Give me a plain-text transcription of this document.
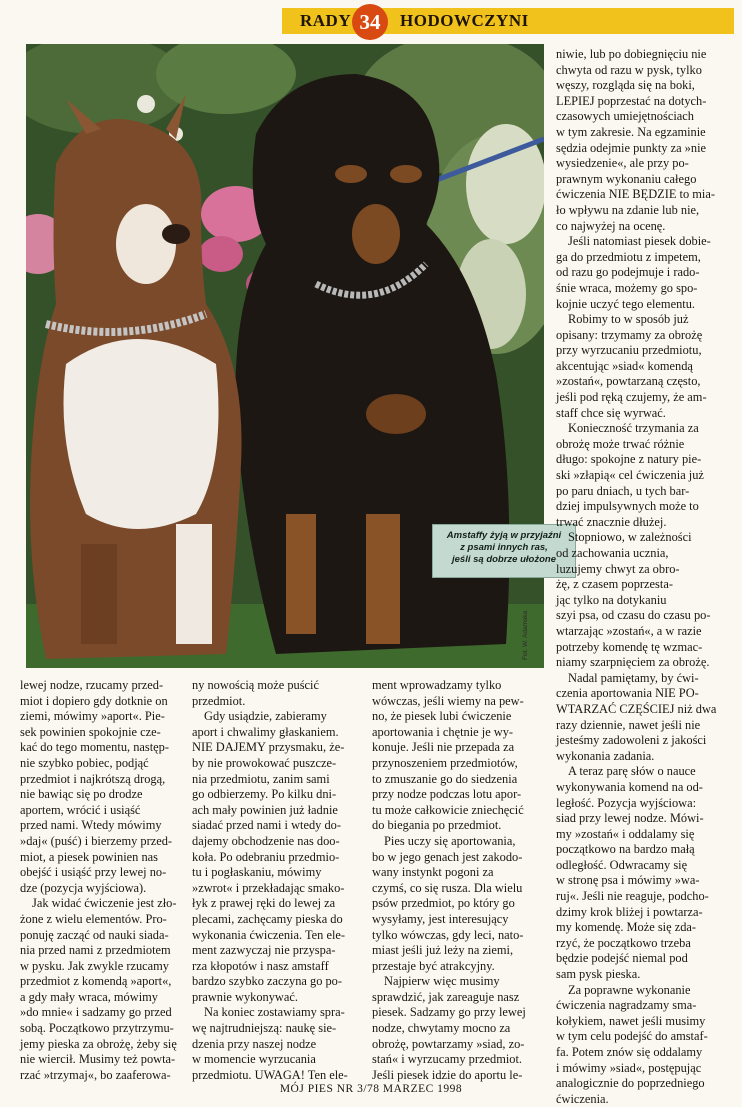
RADY	HODOWCZYNI
34
Amstaffy żyją w przyjaźni
z psami innych ras,
jeśli są dobrze ułożone
Fot. W. Adamska
niwie, lub po dobiegnięciu nie
chwyta od razu w pysk, tylko
węszy, rozgląda się na boki,
LEPIEJ poprzestać na dotych-
czasowych umiejętnościach
w tym zakresie. Na egzaminie
sędzia odejmie punkty za »nie
wysiedzenie«, ale przy po-
prawnym wykonaniu całego
ćwiczenia NIE BĘDZIE to mia-
ło wpływu na zdanie lub nie,
co najwyżej na ocenę.
Jeśli natomiast piesek dobie-
ga do przedmiotu z impetem,
od razu go podejmuje i rado-
śnie wraca, możemy go spo-
kojnie uczyć tego elementu.
Robimy to w sposób już
opisany: trzymamy za obrożę
przy wyrzucaniu przedmiotu,
akcentując »siad« komendą
»zostań«, powtarzaną często,
jeśli pod ręką czujemy, że am-
staff chce się wyrwać.
Konieczność trzymania za
obrożę może trwać różnie
długo: spokojne z natury pie-
ski »złapią« cel ćwiczenia już
po paru dniach, u tych bar-
dziej impulsywnych może to
trwać znacznie dłużej.
Stopniowo, w zależności
od zachowania ucznia,
luzujemy chwyt za obro-
żę, z czasem poprzesta-
jąc tylko na dotykaniu
szyi psa, od czasu do czasu po-
wtarzając »zostań«, a w razie
potrzeby komendę tę wzmac-
niamy szarpnięciem za obrożę.
Nadal pamiętamy, by ćwi-
czenia aportowania NIE PO-
WTARZAĆ CZĘŚCIEJ niż dwa
razy dziennie, nawet jeśli nie
jesteśmy zadowoleni z jakości
wykonania zadania.
A teraz parę słów o nauce
wykonywania komend na od-
ległość. Pozycja wyjściowa:
siad przy lewej nodze. Mówi-
my »zostań« i oddalamy się
początkowo na bardzo małą
odległość. Odwracamy się
w stronę psa i mówimy »wa-
ruj«. Jeśli nie reaguje, podcho-
dzimy krok bliżej i powtarza-
my komendę. Może się zda-
rzyć, że początkowo trzeba
będzie podejść niemal pod
sam pysk pieska.
Za poprawne wykonanie
ćwiczenia nagradzamy sma-
kołykiem, nawet jeśli musimy
w tym celu podejść do amstaf-
fa. Potem znów się oddalamy
i mówimy »siad«, postępując
analogicznie do poprzedniego
ćwiczenia.
lewej nodze, rzucamy przed-
miot i dopiero gdy dotknie on
ziemi, mówimy »aport«. Pie-
sek powinien spokojnie cze-
kać do tego momentu, następ-
nie szybko pobiec, podjąć
przedmiot i najkrótszą drogą,
nie bawiąc się po drodze
aportem, wrócić i usiąść
przed nami. Wtedy mówimy
»daj« (puść) i bierzemy przed-
miot, a piesek powinien nas
obejść i usiąść przy lewej no-
dze (pozycja wyjściowa).
Jak widać ćwiczenie jest zło-
żone z wielu elementów. Pro-
ponuję zacząć od nauki siada-
nia przed nami z przedmiotem
w pysku. Jak zwykle rzucamy
przedmiot z komendą »aport«,
a gdy mały wraca, mówimy
»do mnie« i sadzamy go przed
sobą. Początkowo przytrzymu-
jemy pieska za obrożę, żeby się
nie wiercił. Musimy też powta-
rzać »trzymaj«, bo zaaferowa-
ny nowością może puścić
przedmiot.
Gdy usiądzie, zabieramy
aport i chwalimy głaskaniem.
NIE DAJEMY przysmaku, że-
by nie prowokować puszcze-
nia przedmiotu, zanim sami
go odbierzemy. Po kilku dni-
ach mały powinien już ładnie
siadać przed nami i wtedy do-
dajemy obchodzenie nas doo-
koła. Po odebraniu przedmio-
tu i pogłaskaniu, mówimy
»zwrot« i przekładając smako-
łyk z prawej ręki do lewej za
plecami, zachęcamy pieska do
wykonania ćwiczenia. Ten ele-
ment zazwyczaj nie przyspa-
rza kłopotów i nasz amstaff
bardzo szybko zaczyna go po-
prawnie wykonywać.
Na koniec zostawiamy spra-
wę najtrudniejszą: naukę sie-
dzenia przy naszej nodze
w momencie wyrzucania
przedmiotu. UWAGA! Ten ele-
ment wprowadzamy tylko
wówczas, jeśli wiemy na pew-
no, że piesek lubi ćwiczenie
aportowania i chętnie je wy-
konuje. Jeśli nie przepada za
przynoszeniem przedmiotów,
to zmuszanie go do siedzenia
przy nodze podczas lotu apor-
tu może całkowicie zniechęcić
do biegania po przedmiot.
Pies uczy się aportowania,
bo w jego genach jest zakodo-
wany instynkt pogoni za
czymś, co się rusza. Dla wielu
psów przedmiot, po który go
wysyłamy, jest interesujący
tylko wówczas, gdy leci, nato-
miast jeśli już leży na ziemi,
przestaje być atrakcyjny.
Najpierw więc musimy
sprawdzić, jak zareaguje nasz
piesek. Sadzamy go przy lewej
nodze, chwytamy mocno za
obrożę, powtarzamy »siad, zo-
stań« i wyrzucamy przedmiot.
Jeśli piesek idzie do aportu le-
MÓJ PIES NR 3/78 MARZEC 1998
